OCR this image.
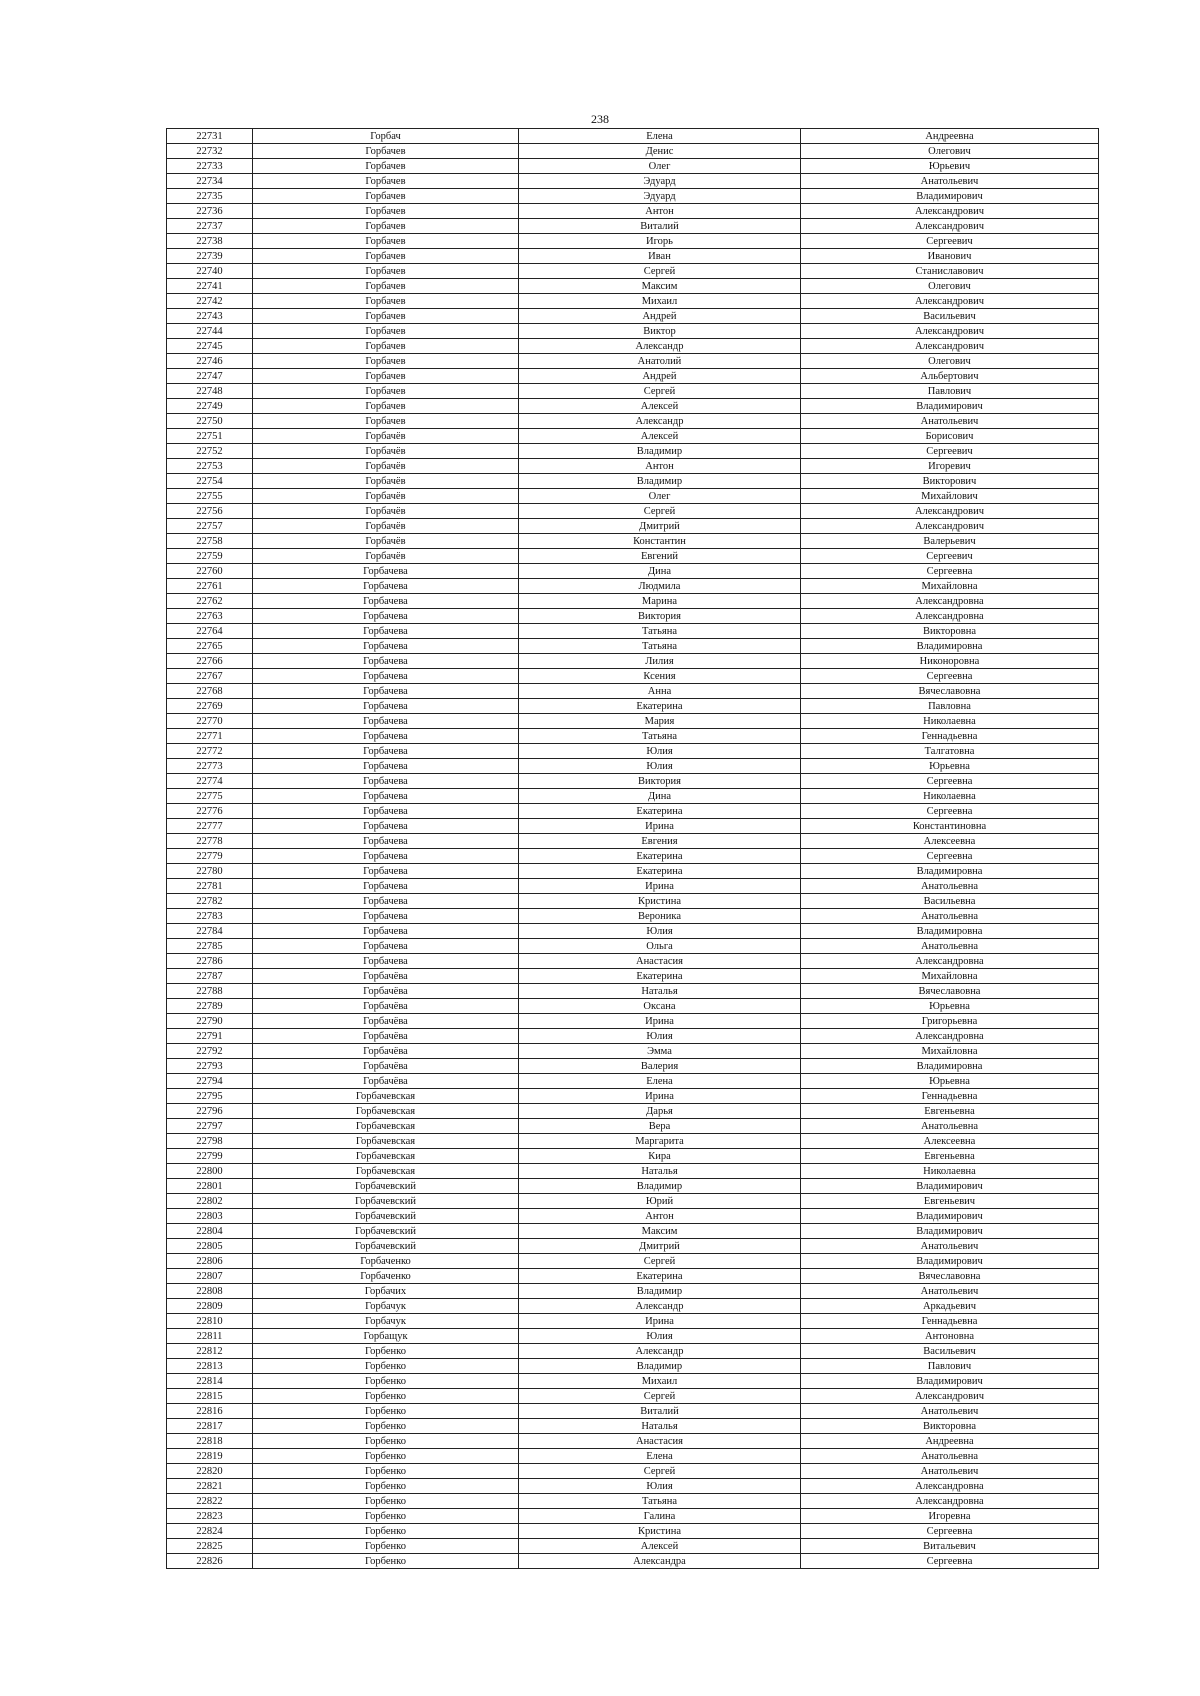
238
22731	Горбач	Елена	Андреевна
22732	Горбачев	Денис	Олегович
22733	Горбачев	Олег	Юрьевич
22734	Горбачев	Эдуард	Анатольевич
22735	Горбачев	Эдуард	Владимирович
22736	Горбачев	Антон	Александрович
22737	Горбачев	Виталий	Александрович
22738	Горбачев	Игорь	Сергеевич
22739	Горбачев	Иван	Иванович
22740	Горбачев	Сергей	Станиславович
22741	Горбачев	Максим	Олегович
22742	Горбачев	Михаил	Александрович
22743	Горбачев	Андрей	Васильевич
22744	Горбачев	Виктор	Александрович
22745	Горбачев	Александр	Александрович
22746	Горбачев	Анатолий	Олегович
22747	Горбачев	Андрей	Альбертович
22748	Горбачев	Сергей	Павлович
22749	Горбачев	Алексей	Владимирович
22750	Горбачев	Александр	Анатольевич
22751	Горбачёв	Алексей	Борисович
22752	Горбачёв	Владимир	Сергеевич
22753	Горбачёв	Антон	Игоревич
22754	Горбачёв	Владимир	Викторович
22755	Горбачёв	Олег	Михайлович
22756	Горбачёв	Сергей	Александрович
22757	Горбачёв	Дмитрий	Александрович
22758	Горбачёв	Константин	Валерьевич
22759	Горбачёв	Евгений	Сергеевич
22760	Горбачева	Дина	Сергеевна
22761	Горбачева	Людмила	Михайловна
22762	Горбачева	Марина	Александровна
22763	Горбачева	Виктория	Александровна
22764	Горбачева	Татьяна	Викторовна
22765	Горбачева	Татьяна	Владимировна
22766	Горбачева	Лилия	Никоноровна
22767	Горбачева	Ксения	Сергеевна
22768	Горбачева	Анна	Вячеславовна
22769	Горбачева	Екатерина	Павловна
22770	Горбачева	Мария	Николаевна
22771	Горбачева	Татьяна	Геннадьевна
22772	Горбачева	Юлия	Талгатовна
22773	Горбачева	Юлия	Юрьевна
22774	Горбачева	Виктория	Сергеевна
22775	Горбачева	Дина	Николаевна
22776	Горбачева	Екатерина	Сергеевна
22777	Горбачева	Ирина	Константиновна
22778	Горбачева	Евгения	Алексеевна
22779	Горбачева	Екатерина	Сергеевна
22780	Горбачева	Екатерина	Владимировна
22781	Горбачева	Ирина	Анатольевна
22782	Горбачева	Кристина	Васильевна
22783	Горбачева	Вероника	Анатольевна
22784	Горбачева	Юлия	Владимировна
22785	Горбачева	Ольга	Анатольевна
22786	Горбачева	Анастасия	Александровна
22787	Горбачёва	Екатерина	Михайловна
22788	Горбачёва	Наталья	Вячеславовна
22789	Горбачёва	Оксана	Юрьевна
22790	Горбачёва	Ирина	Григорьевна
22791	Горбачёва	Юлия	Александровна
22792	Горбачёва	Эмма	Михайловна
22793	Горбачёва	Валерия	Владимировна
22794	Горбачёва	Елена	Юрьевна
22795	Горбачевская	Ирина	Геннадьевна
22796	Горбачевская	Дарья	Евгеньевна
22797	Горбачевская	Вера	Анатольевна
22798	Горбачевская	Маргарита	Алексеевна
22799	Горбачевская	Кира	Евгеньевна
22800	Горбачевская	Наталья	Николаевна
22801	Горбачевский	Владимир	Владимирович
22802	Горбачевский	Юрий	Евгеньевич
22803	Горбачевский	Антон	Владимирович
22804	Горбачевский	Максим	Владимирович
22805	Горбачевский	Дмитрий	Анатольевич
22806	Горбаченко	Сергей	Владимирович
22807	Горбаченко	Екатерина	Вячеславовна
22808	Горбачих	Владимир	Анатольевич
22809	Горбачук	Александр	Аркадьевич
22810	Горбачук	Ирина	Геннадьевна
22811	Горбащук	Юлия	Антоновна
22812	Горбенко	Александр	Васильевич
22813	Горбенко	Владимир	Павлович
22814	Горбенко	Михаил	Владимирович
22815	Горбенко	Сергей	Александрович
22816	Горбенко	Виталий	Анатольевич
22817	Горбенко	Наталья	Викторовна
22818	Горбенко	Анастасия	Андреевна
22819	Горбенко	Елена	Анатольевна
22820	Горбенко	Сергей	Анатольевич
22821	Горбенко	Юлия	Александровна
22822	Горбенко	Татьяна	Александровна
22823	Горбенко	Галина	Игоревна
22824	Горбенко	Кристина	Сергеевна
22825	Горбенко	Алексей	Витальевич
22826	Горбенко	Александра	Сергеевна
